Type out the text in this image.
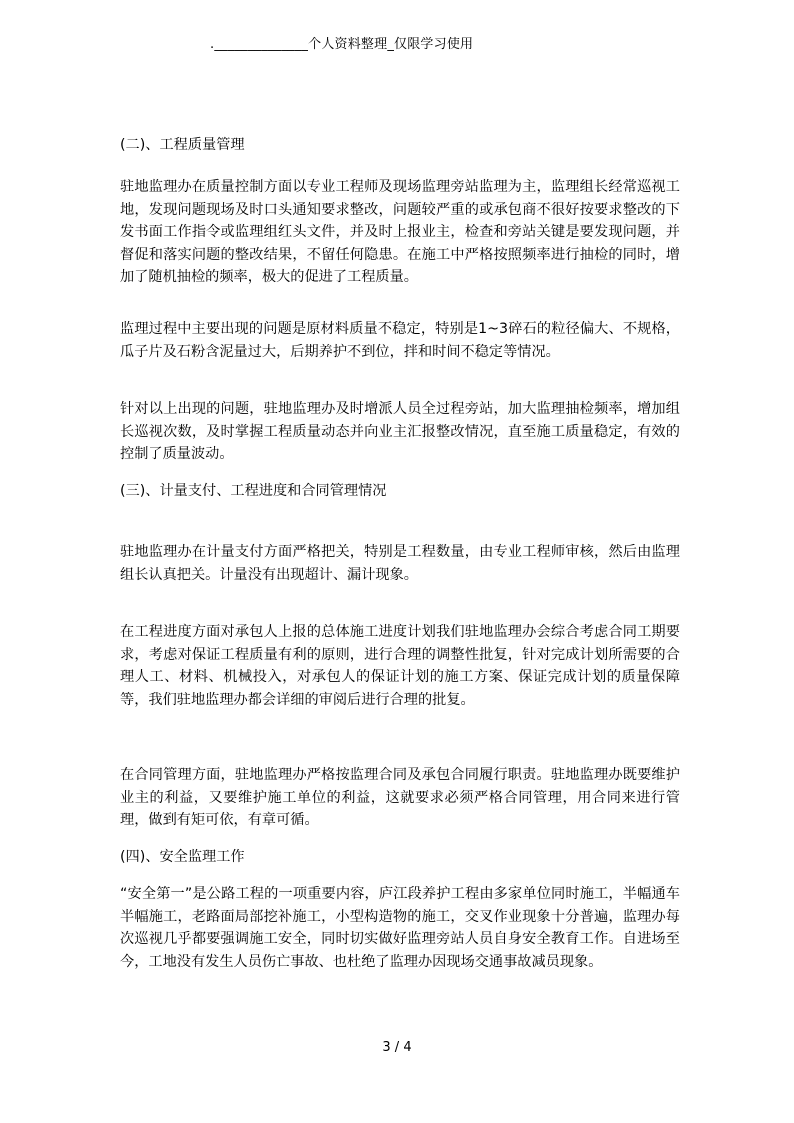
.______________个人资料整理_仅限学习使用

(二)、工程质量管理

驻地监理办在质量控制方面以专业工程师及现场监理旁站监理为主，监理组长经常巡视工地，发现问题现场及时口头通知要求整改，问题较严重的或承包商不很好按要求整改的下发书面工作指令或监理组红头文件，并及时上报业主，检查和旁站关键是要发现问题，并督促和落实问题的整改结果，不留任何隐患。在施工中严格按照频率进行抽检的同时，增加了随机抽检的频率，极大的促进了工程质量。

监理过程中主要出现的问题是原材料质量不稳定，特别是1~3碎石的粒径偏大、不规格，瓜子片及石粉含泥量过大，后期养护不到位，拌和时间不稳定等情况。

针对以上出现的问题，驻地监理办及时增派人员全过程旁站，加大监理抽检频率，增加组长巡视次数，及时掌握工程质量动态并向业主汇报整改情况，直至施工质量稳定，有效的控制了质量波动。

(三)、计量支付、工程进度和合同管理情况

驻地监理办在计量支付方面严格把关，特别是工程数量，由专业工程师审核，然后由监理组长认真把关。计量没有出现超计、漏计现象。

在工程进度方面对承包人上报的总体施工进度计划我们驻地监理办会综合考虑合同工期要求，考虑对保证工程质量有利的原则，进行合理的调整性批复，针对完成计划所需要的合理人工、材料、机械投入，对承包人的保证计划的施工方案、保证完成计划的质量保障等，我们驻地监理办都会详细的审阅后进行合理的批复。

在合同管理方面，驻地监理办严格按监理合同及承包合同履行职责。驻地监理办既要维护业主的利益，又要维护施工单位的利益，这就要求必须严格合同管理，用合同来进行管理，做到有矩可依，有章可循。

(四)、安全监理工作

“安全第一”是公路工程的一项重要内容，庐江段养护工程由多家单位同时施工，半幅通车半幅施工，老路面局部挖补施工，小型构造物的施工，交叉作业现象十分普遍，监理办每次巡视几乎都要强调施工安全，同时切实做好监理旁站人员自身安全教育工作。自进场至今，工地没有发生人员伤亡事故、也杜绝了监理办因现场交通事故减员现象。

3 / 4
